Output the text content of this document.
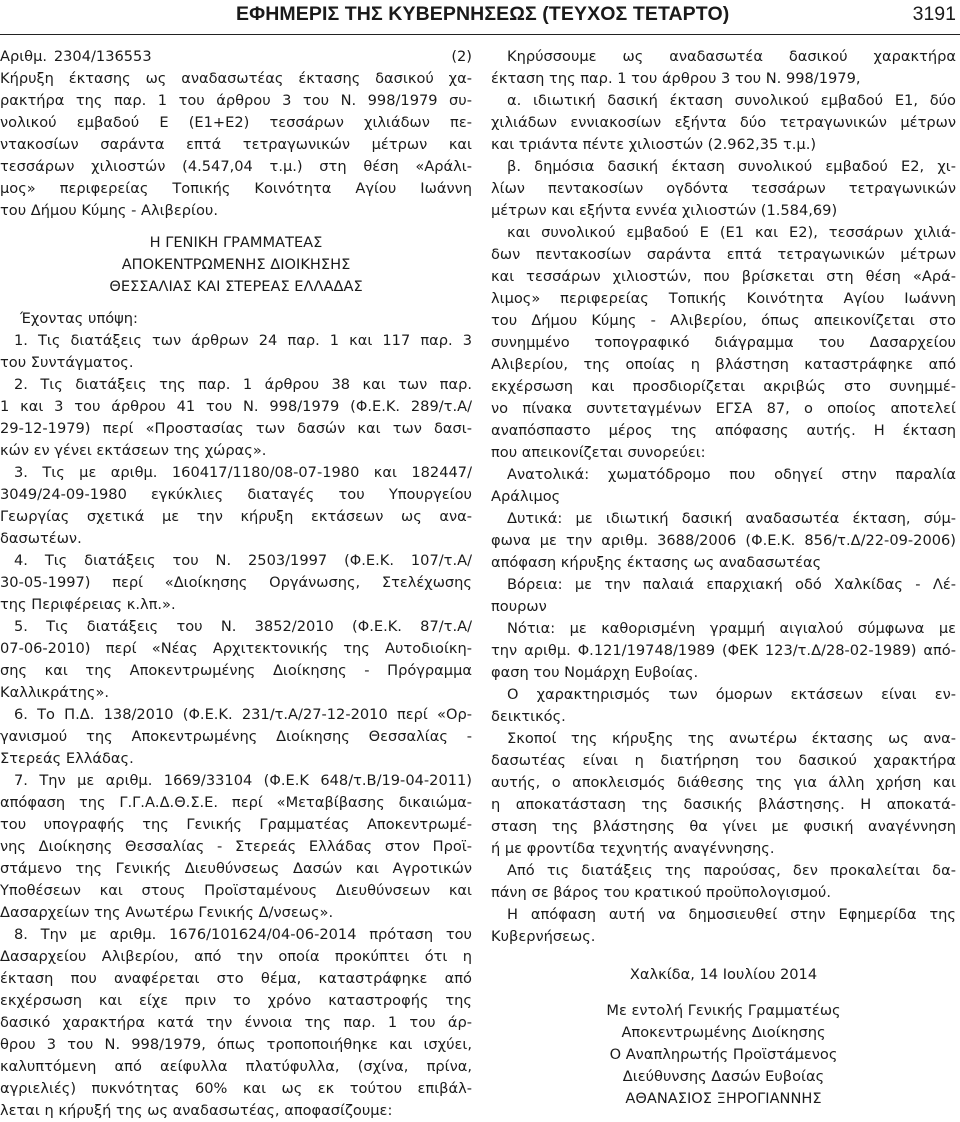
ΕΦΗΜΕΡΙΣ ΤΗΣ ΚΥΒΕΡΝΗΣΕΩΣ (ΤΕΥΧΟΣ ΤΕΤΑΡΤΟ)	3191
Αριθμ. 2304/136553                                            (2)
Κήρυξη έκτασης ως αναδασωτέας έκτασης δασικού χα-
ρακτήρα της παρ. 1 του άρθρου 3 του Ν. 998/1979 συ-
νολικού εμβαδού Ε (Ε1+Ε2) τεσσάρων χιλιάδων πε-
ντακοσίων σαράντα επτά τετραγωνικών μέτρων και
τεσσάρων χιλιοστών (4.547,04 τ.μ.) στη θέση «Αράλι-
μος» περιφερείας Τοπικής Κοινότητα Αγίου Ιωάννη
του Δήμου Κύμης - Αλιβερίου.
Η ΓΕΝΙΚΗ ΓΡΑΜΜΑΤΕΑΣ
ΑΠΟΚΕΝΤΡΩΜΕΝΗΣ ΔΙΟΙΚΗΣΗΣ
ΘΕΣΣΑΛΙΑΣ ΚΑΙ ΣΤΕΡΕΑΣ ΕΛΛΑΔΑΣ
Έχοντας υπόψη:
1. Τις διατάξεις των άρθρων 24 παρ. 1 και 117 παρ. 3
του Συντάγματος.
2. Τις διατάξεις της παρ. 1 άρθρου 38 και των παρ.
1 και 3 του άρθρου 41 του Ν. 998/1979 (Φ.Ε.Κ. 289/τ.Α/
29-12-1979) περί «Προστασίας των δασών και των δασι-
κών εν γένει εκτάσεων της χώρας».
3. Τις με αριθμ. 160417/1180/08-07-1980 και 182447/
3049/24-09-1980 εγκύκλιες διαταγές του Υπουργείου
Γεωργίας σχετικά με την κήρυξη εκτάσεων ως ανα-
δασωτέων.
4. Τις διατάξεις του Ν. 2503/1997 (Φ.Ε.Κ. 107/τ.Α/
30-05-1997) περί «Διοίκησης Οργάνωσης, Στελέχωσης
της Περιφέρειας κ.λπ.».
5. Τις διατάξεις του Ν. 3852/2010 (Φ.Ε.Κ. 87/τ.Α/
07-06-2010) περί «Νέας Αρχιτεκτονικής της Αυτοδιοίκη-
σης και της Αποκεντρωμένης Διοίκησης - Πρόγραμμα
Καλλικράτης».
6. Το Π.Δ. 138/2010 (Φ.Ε.Κ. 231/τ.Α/27-12-2010 περί «Ορ-
γανισμού της Αποκεντρωμένης Διοίκησης Θεσσαλίας -
Στερεάς Ελλάδας.
7. Την με αριθμ. 1669/33104 (Φ.Ε.Κ 648/τ.Β/19-04-2011)
απόφαση της Γ.Γ.Α.Δ.Θ.Σ.Ε. περί «Μεταβίβασης δικαιώμα-
του υπογραφής της Γενικής Γραμματέας Αποκεντρωμέ-
νης Διοίκησης Θεσσαλίας - Στερεάς Ελλάδας στον Προϊ-
στάμενο της Γενικής Διευθύνσεως Δασών και Αγροτικών
Υποθέσεων και στους Προϊσταμένους Διευθύνσεων και
Δασαρχείων της Ανωτέρω Γενικής Δ/νσεως».
8. Την με αριθμ. 1676/101624/04-06-2014 πρόταση του
Δασαρχείου Αλιβερίου, από την οποία προκύπτει ότι η
έκταση που αναφέρεται στο θέμα, καταστράφηκε από
εκχέρσωση και είχε πριν το χρόνο καταστροφής της
δασικό χαρακτήρα κατά την έννοια της παρ. 1 του άρ-
θρου 3 του Ν. 998/1979, όπως τροποποιήθηκε και ισχύει,
καλυπτόμενη από αείφυλλα πλατύφυλλα, (σχίνα, πρίνα,
αγριελιές) πυκνότητας 60% και ως εκ τούτου επιβάλ-
λεται η κήρυξή της ως αναδασωτέας, αποφασίζουμε:
Κηρύσσουμε ως αναδασωτέα δασικού χαρακτήρα
έκταση της παρ. 1 του άρθρου 3 του Ν. 998/1979,
α. ιδιωτική δασική έκταση συνολικού εμβαδού Ε1, δύο
χιλιάδων εννιακοσίων εξήντα δύο τετραγωνικών μέτρων
και τριάντα πέντε χιλιοστών (2.962,35 τ.μ.)
β. δημόσια δασική έκταση συνολικού εμβαδού Ε2, χι-
λίων πεντακοσίων ογδόντα τεσσάρων τετραγωνικών
μέτρων και εξήντα εννέα χιλιοστών (1.584,69)
και συνολικού εμβαδού Ε (Ε1 και Ε2), τεσσάρων χιλιά-
δων πεντακοσίων σαράντα επτά τετραγωνικών μέτρων
και τεσσάρων χιλιοστών, που βρίσκεται στη θέση «Αρά-
λιμος» περιφερείας Τοπικής Κοινότητα Αγίου Ιωάννη
του Δήμου Κύμης - Αλιβερίου, όπως απεικονίζεται στο
συνημμένο τοπογραφικό διάγραμμα του Δασαρχείου
Αλιβερίου, της οποίας η βλάστηση καταστράφηκε από
εκχέρσωση και προσδιορίζεται ακριβώς στο συνημμέ-
νο πίνακα συντεταγμένων ΕΓΣΑ 87, ο οποίος αποτελεί
αναπόσπαστο μέρος της απόφασης αυτής. Η έκταση
που απεικονίζεται συνορεύει:
Ανατολικά: χωματόδρομο που οδηγεί στην παραλία
Αράλιμος
Δυτικά: με ιδιωτική δασική αναδασωτέα έκταση, σύμ-
φωνα με την αριθμ. 3688/2006 (Φ.Ε.Κ. 856/τ.Δ/22-09-2006)
απόφαση κήρυξης έκτασης ως αναδασωτέας
Βόρεια: με την παλαιά επαρχιακή οδό Χαλκίδας - Λέ-
πουρων
Νότια: με καθορισμένη γραμμή αιγιαλού σύμφωνα με
την αριθμ. Φ.121/19748/1989 (ΦΕΚ 123/τ.Δ/28-02-1989) από-
φαση του Νομάρχη Ευβοίας.
Ο χαρακτηρισμός των όμορων εκτάσεων είναι εν-
δεικτικός.
Σκοποί της κήρυξης της ανωτέρω έκτασης ως ανα-
δασωτέας είναι η διατήρηση του δασικού χαρακτήρα
αυτής, ο αποκλεισμός διάθεσης της για άλλη χρήση και
η αποκατάσταση της δασικής βλάστησης. Η αποκατά-
σταση της βλάστησης θα γίνει με φυσική αναγέννηση
ή με φροντίδα τεχνητής αναγέννησης.
Από τις διατάξεις της παρούσας, δεν προκαλείται δα-
πάνη σε βάρος του κρατικού προϋπολογισμού.
Η απόφαση αυτή να δημοσιευθεί στην Εφημερίδα της
Κυβερνήσεως.
Χαλκίδα, 14 Ιουλίου 2014
Με εντολή Γενικής Γραμματέως
Αποκεντρωμένης Διοίκησης
Ο Αναπληρωτής Προϊστάμενος
Διεύθυνσης Δασών Ευβοίας
ΑΘΑΝΑΣΙΟΣ ΞΗΡΟΓΙΑΝΝΗΣ
